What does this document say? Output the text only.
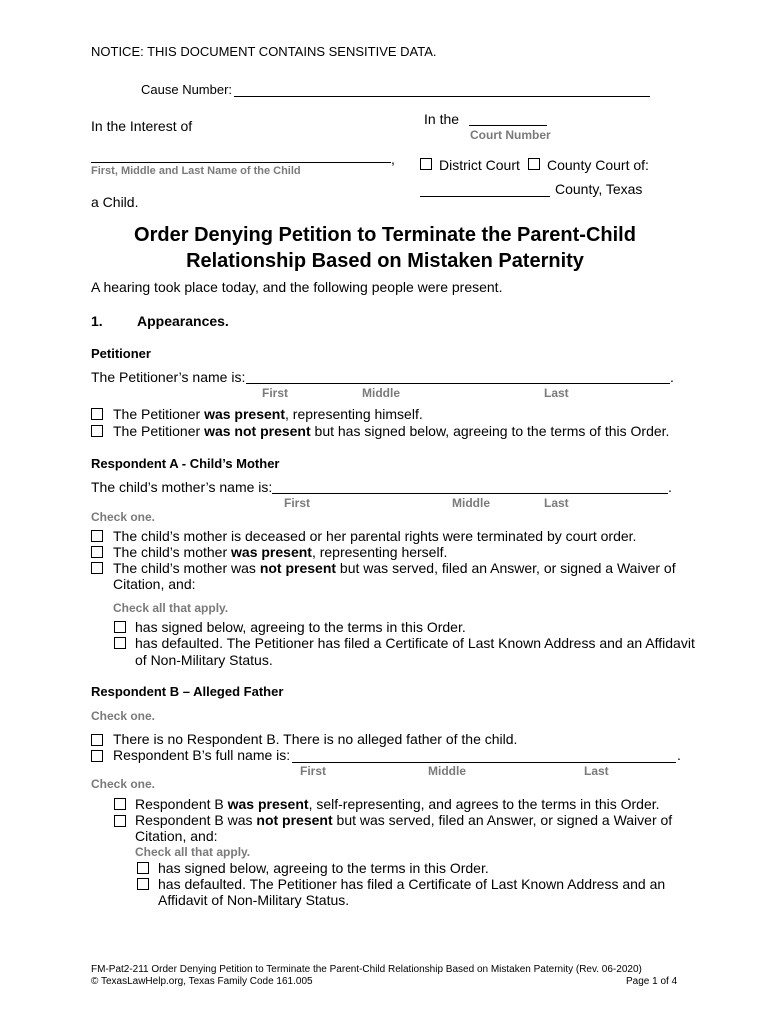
NOTICE: THIS DOCUMENT CONTAINS SENSITIVE DATA.
Cause Number:
In the Interest of	In the
Court Number
,
First, Middle and Last Name of the Child	District Court County Court of:
County, Texas
a Child.
Order Denying Petition to Terminate the Parent-Child
Relationship Based on Mistaken Paternity
A hearing took place today, and the following people were present.
1. Appearances.
Petitioner
The Petitioner’s name is:	.
First	Middle	Last
The Petitioner was present, representing himself.
The Petitioner was not present but has signed below, agreeing to the terms of this Order.
Respondent A - Child’s Mother
The child’s mother’s name is:	.
First	Middle	Last
Check one.
The child’s mother is deceased or her parental rights were terminated by court order.
The child’s mother was present, representing herself.
The child’s mother was not present but was served, filed an Answer, or signed a Waiver of
Citation, and:
Check all that apply.
has signed below, agreeing to the terms in this Order.
has defaulted. The Petitioner has filed a Certificate of Last Known Address and an Affidavit
of Non-Military Status.
Respondent B – Alleged Father
Check one.
There is no Respondent B. There is no alleged father of the child.
Respondent B’s full name is:	.
First	Middle	Last
Check one.
Respondent B was present, self-representing, and agrees to the terms in this Order.
Respondent B was not present but was served, filed an Answer, or signed a Waiver of
Citation, and:
Check all that apply.
has signed below, agreeing to the terms in this Order.
has defaulted. The Petitioner has filed a Certificate of Last Known Address and an
Affidavit of Non-Military Status.
FM-Pat2-211 Order Denying Petition to Terminate the Parent-Child Relationship Based on Mistaken Paternity (Rev. 06-2020)
© TexasLawHelp.org, Texas Family Code 161.005	Page 1 of 4
